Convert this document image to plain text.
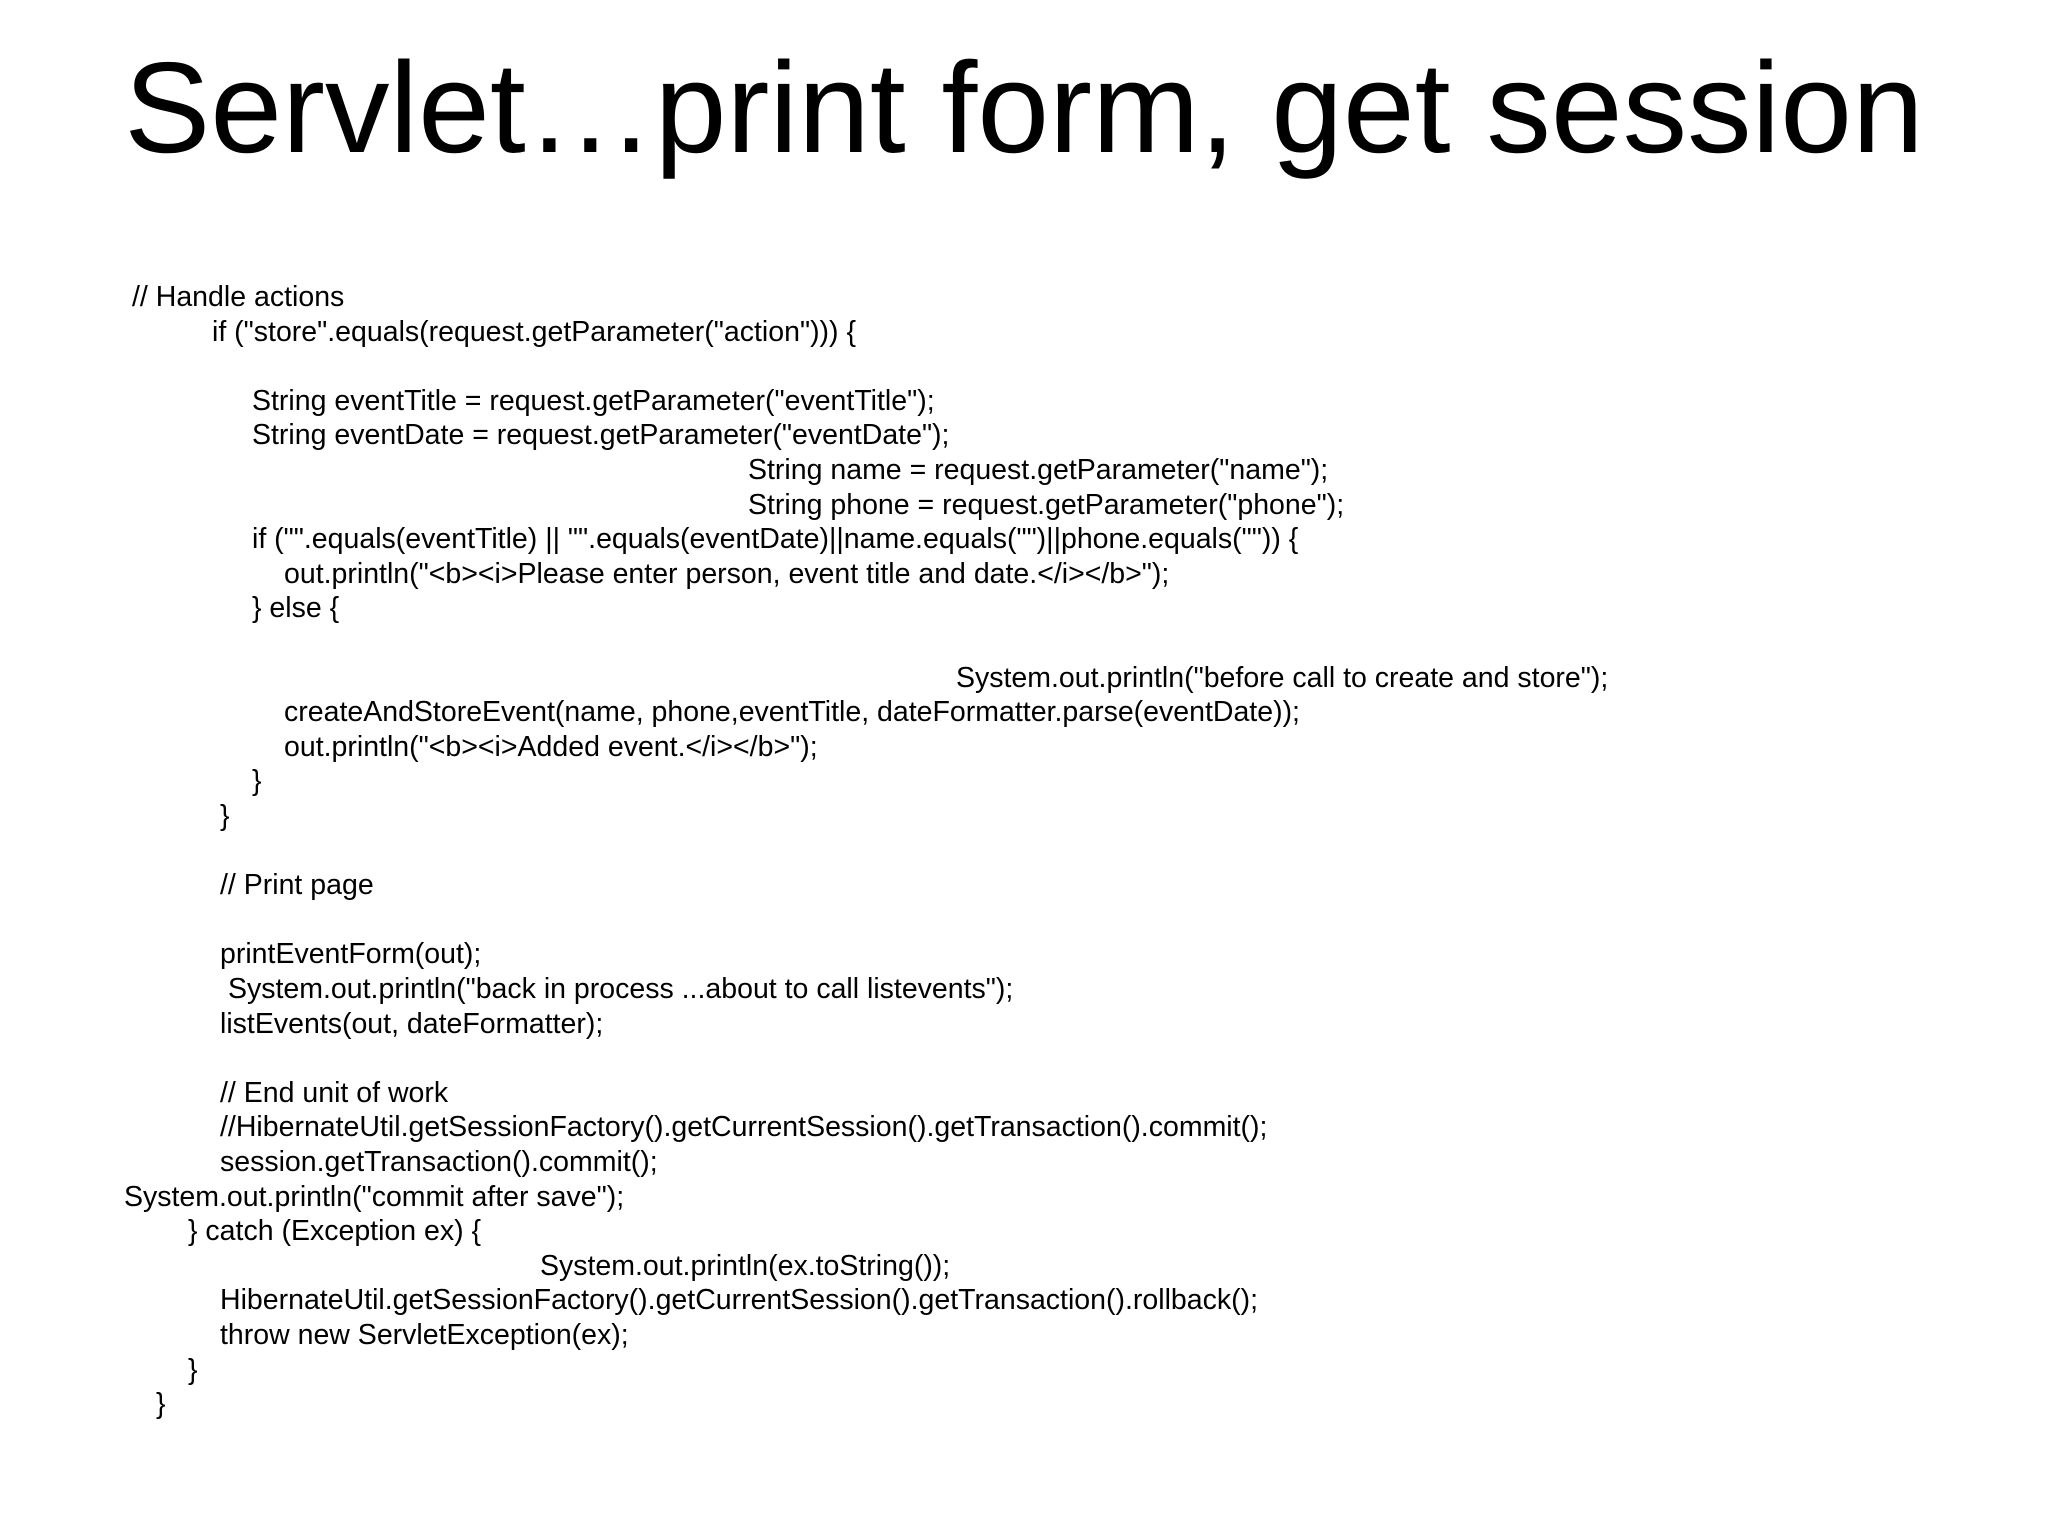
Servlet…print form, get session
// Handle actions
if ("store".equals(request.getParameter("action"))) {
String eventTitle = request.getParameter("eventTitle");
String eventDate = request.getParameter("eventDate");
String name = request.getParameter("name");
String phone = request.getParameter("phone");
if ("".equals(eventTitle) || "".equals(eventDate)||name.equals("")||phone.equals("")) {
out.println("<b><i>Please enter person, event title and date.</i></b>");
} else {
System.out.println("before call to create and store");
createAndStoreEvent(name, phone,eventTitle, dateFormatter.parse(eventDate));
out.println("<b><i>Added event.</i></b>");
}
}
// Print page
printEventForm(out);
System.out.println("back in process ...about to call listevents");
listEvents(out, dateFormatter);
// End unit of work
//HibernateUtil.getSessionFactory().getCurrentSession().getTransaction().commit();
session.getTransaction().commit();
System.out.println("commit after save");
} catch (Exception ex) {
System.out.println(ex.toString());
HibernateUtil.getSessionFactory().getCurrentSession().getTransaction().rollback();
throw new ServletException(ex);
}
}
